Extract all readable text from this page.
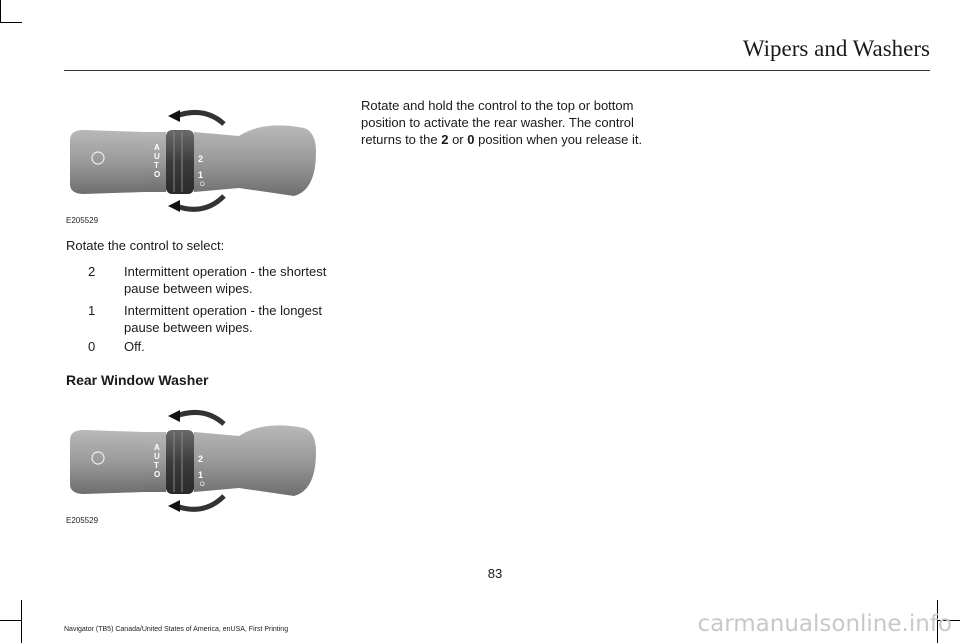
Wipers and Washers
A
U
T
O
2
1
O
E205529
Rotate the control to select:
2 Intermittent operation - the shortest pause between wipes.
1 Intermittent operation - the longest pause between wipes.
0 Off.
Rear Window Washer
A
U
T
O
2
1
O
E205529
Rotate and hold the control to the top or bottom position to activate the rear washer. The control returns to the 2 or 0 position when you release it.
83
Navigator (TB5) Canada/United States of America, enUSA, First Printing	carmanualsonline.info
